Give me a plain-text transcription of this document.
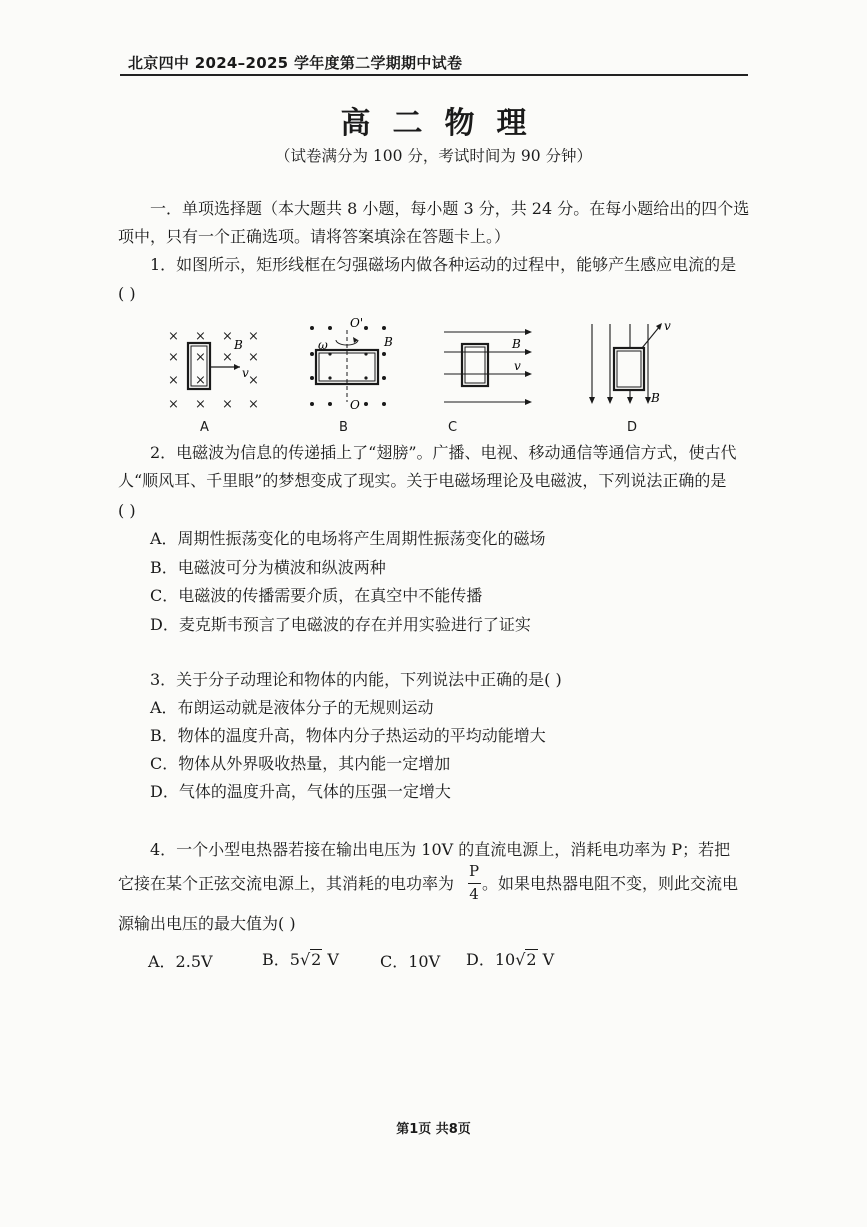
北京四中 2024–2025 学年度第二学期期中试卷
高二物理
（试卷满分为 100 分，考试时间为 90 分钟）
一．单项选择题（本大题共 8 小题，每小题 3 分，共 24 分。在每小题给出的四个选
项中，只有一个正确选项。请将答案填涂在答题卡上。）
1．如图所示，矩形线框在匀强磁场内做各种运动的过程中，能够产生感应电流的是
( )
× × × ×
×	× ×
×	×
× × × ×
×
×
B
v
A
O'
O
ω	B
B
B
v
C
v
B
D
2．电磁波为信息的传递插上了“翅膀”。广播、电视、移动通信等通信方式，使古代
人“顺风耳、千里眼”的梦想变成了现实。关于电磁场理论及电磁波，下列说法正确的是
( )
A．周期性振荡变化的电场将产生周期性振荡变化的磁场
B．电磁波可分为横波和纵波两种
C．电磁波的传播需要介质，在真空中不能传播
D．麦克斯韦预言了电磁波的存在并用实验进行了证实
3．关于分子动理论和物体的内能，下列说法中正确的是( )
A．布朗运动就是液体分子的无规则运动
B．物体的温度升高，物体内分子热运动的平均动能增大
C．物体从外界吸收热量，其内能一定增加
D．气体的温度升高，气体的压强一定增大
4．一个小型电热器若接在输出电压为 10V 的直流电源上，消耗电功率为 P；若把
它接在某个正弦交流电源上，其消耗的电功率为
P
4
。如果电热器电阻不变，则此交流电
源输出电压的最大值为( )
A．2.5V	B．5√2 V	C．10V D．10√2 V
第1页 共8页
